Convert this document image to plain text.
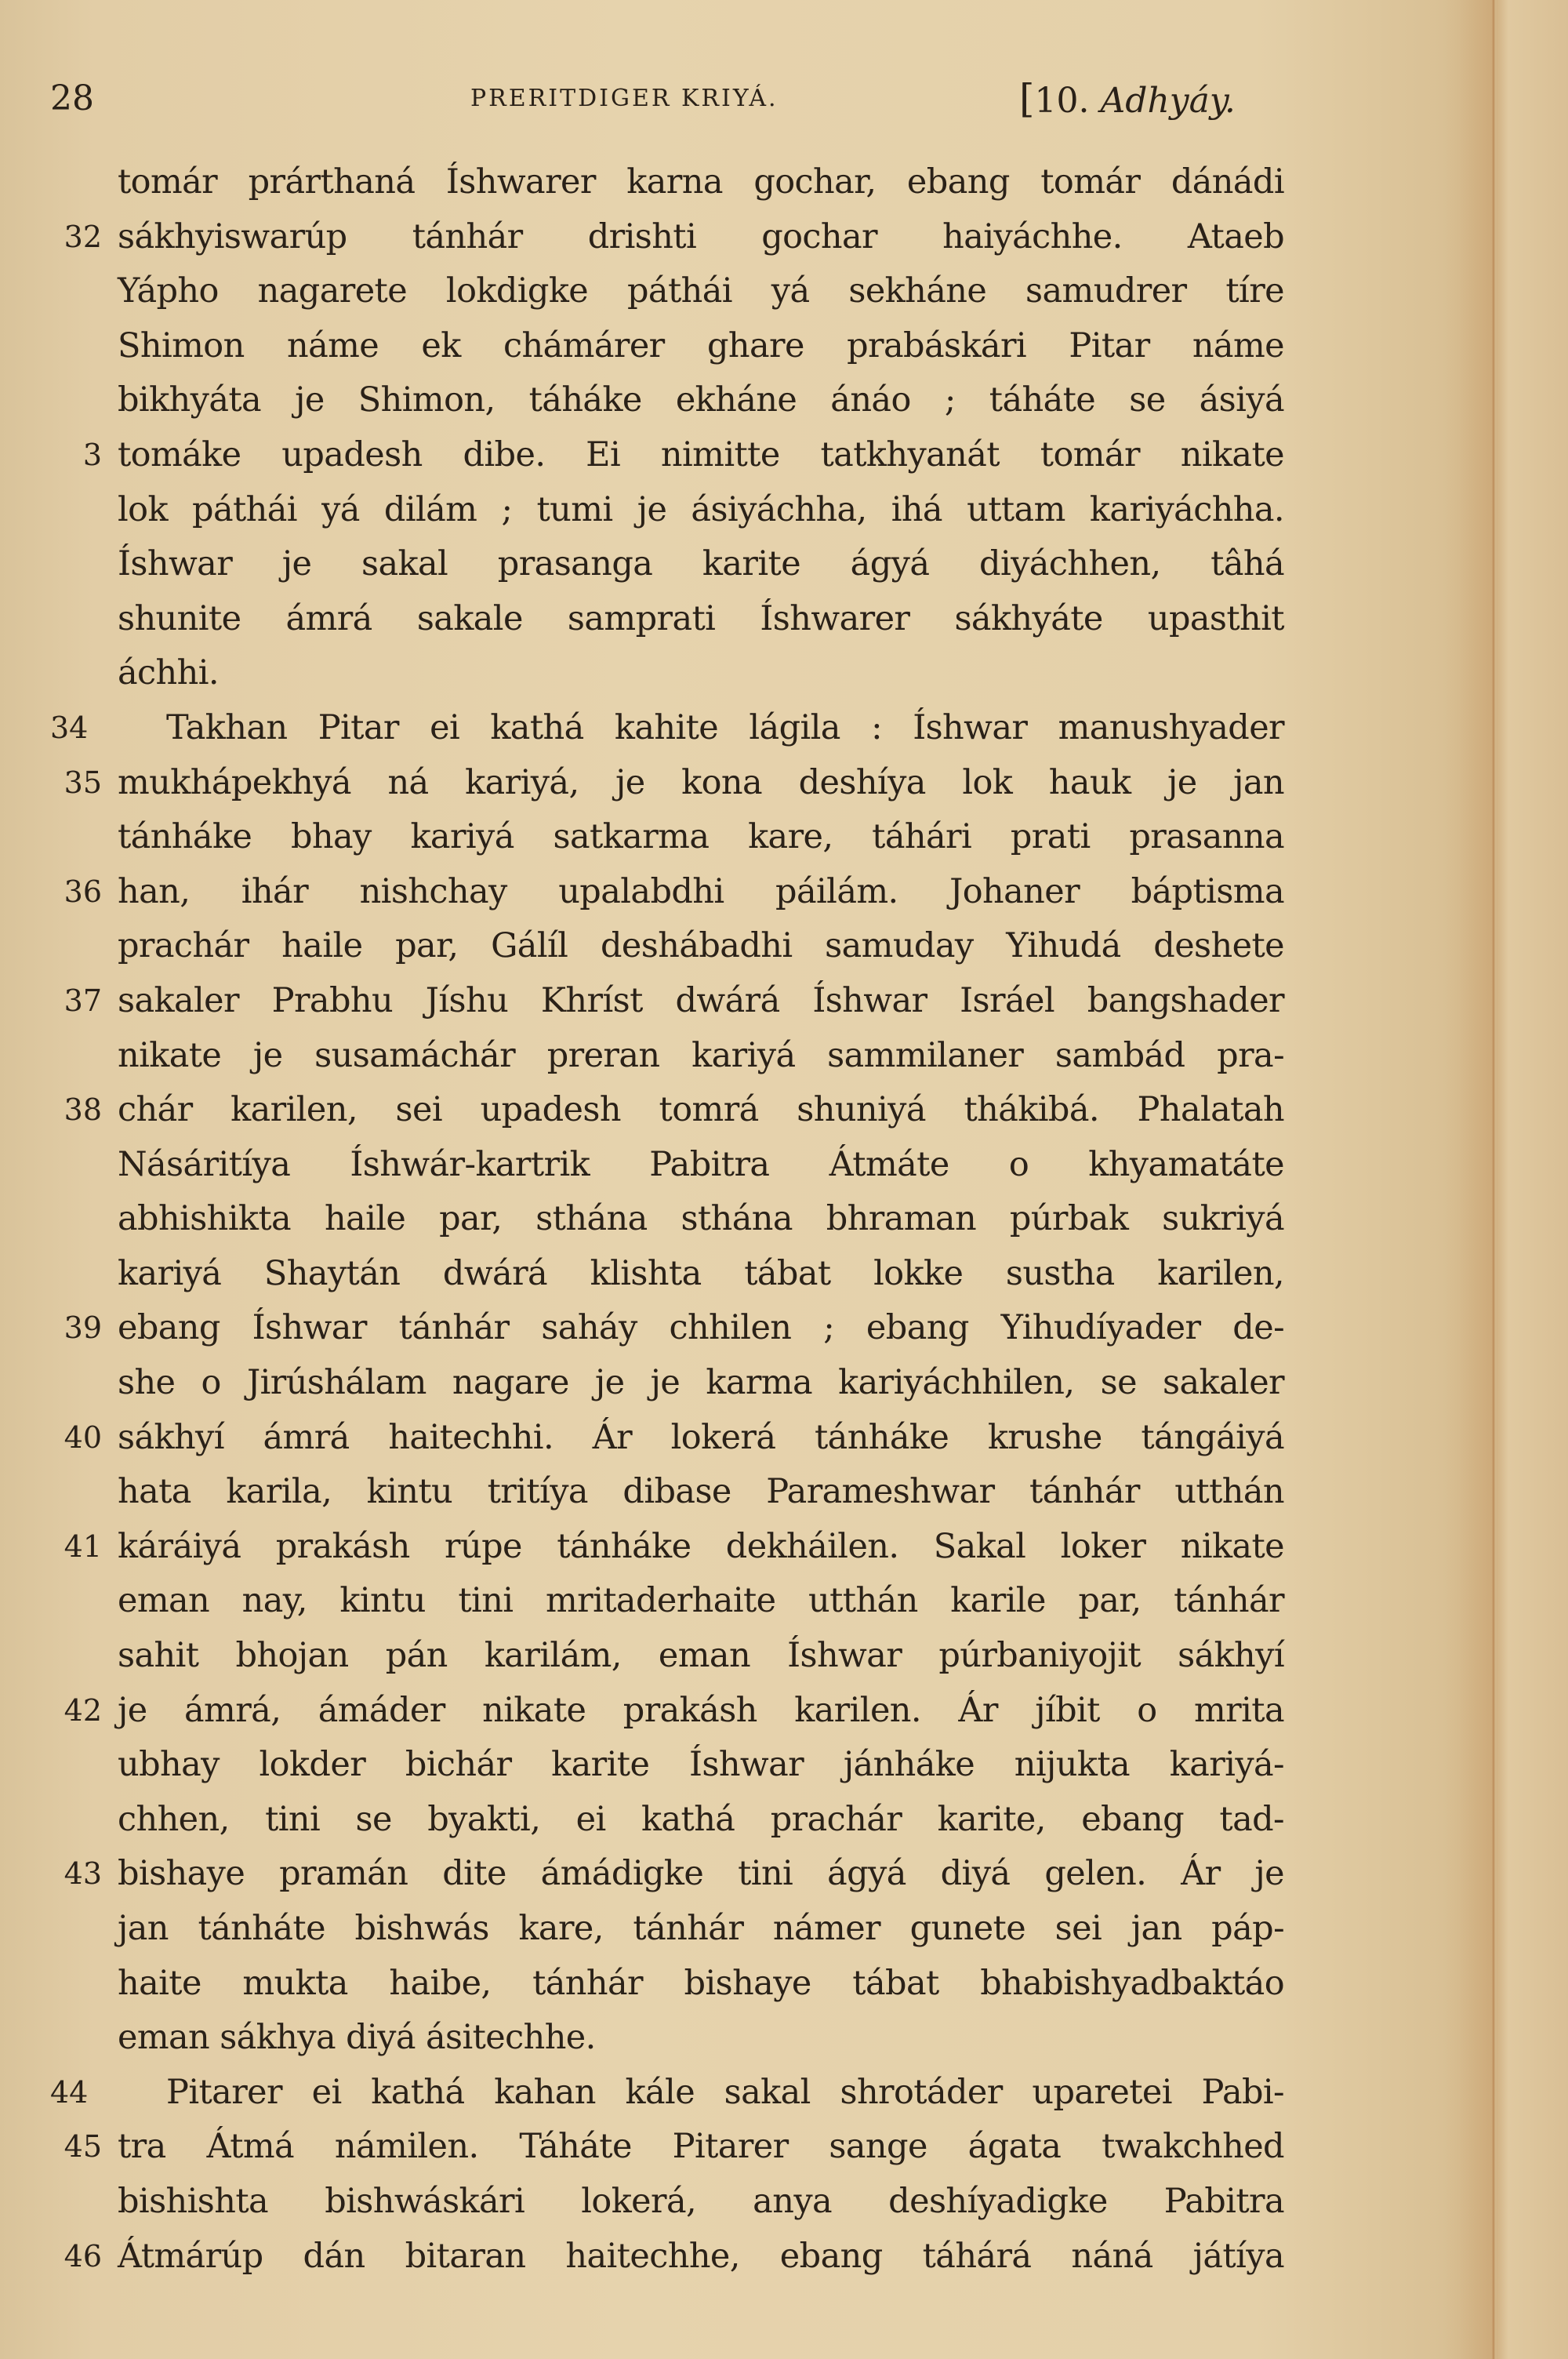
28	PRERITDIGER KRIYÁ.	[10. Adhyáy.
tomár prárthaná Íshwarer karna gochar, ebang tomár dánádi
32 sákhyiswarúp tánhár drishti gochar haiyáchhe. Ataeb
Yápho nagarete lokdigke páthái yá sekháne samudrer tíre
Shimon náme ek chámárer ghare prabáskári Pitar náme
bikhyáta je Shimon, táháke ekháne ánáo ; táháte se ásiyá
3 tomáke upadesh dibe. Ei nimitte tatkhyanát tomár nikate
lok páthái yá dilám ; tumi je ásiyáchha, ihá uttam kariyáchha.
Íshwar je sakal prasanga karite ágyá diyáchhen, tâhá
shunite ámrá sakale samprati Íshwarer sákhyáte upasthit
áchhi.
34	Takhan Pitar ei kathá kahite lágila : Íshwar manushyader
35 mukhápekhyá ná kariyá, je kona deshíya lok hauk je jan
tánháke bhay kariyá satkarma kare, táhári prati prasanna
36 han, ihár nishchay upalabdhi páilám. Johaner báptisma
prachár haile par, Gálíl deshábadhi samuday Yihudá deshete
37 sakaler Prabhu Jíshu Khríst dwárá Íshwar Isráel bangshader
nikate je susamáchár preran kariyá sammilaner sambád pra-
38 chár karilen, sei upadesh tomrá shuniyá thákibá. Phalatah
Násáritíya Íshwár-kartrik Pabitra Átmáte o khyamatáte
abhishikta haile par, sthána sthána bhraman púrbak sukriyá
kariyá Shaytán dwárá klishta tábat lokke sustha karilen,
39 ebang Íshwar tánhár saháy chhilen ; ebang Yihudíyader de-
she o Jirúshálam nagare je je karma kariyáchhilen, se sakaler
40 sákhyí ámrá haitechhi. Ár lokerá tánháke krushe tángáiyá
hata karila, kintu tritíya dibase Parameshwar tánhár utthán
41 káráiyá prakásh rúpe tánháke dekháilen. Sakal loker nikate
eman nay, kintu tini mritaderhaite utthán karile par, tánhár
sahit bhojan pán karilám, eman Íshwar púrbaniyojit sákhyí
42 je ámrá, ámáder nikate prakásh karilen. Ár jíbit o mrita
ubhay lokder bichár karite Íshwar jánháke nijukta kariyá-
chhen, tini se byakti, ei kathá prachár karite, ebang tad-
43 bishaye pramán dite ámádigke tini ágyá diyá gelen. Ár je
jan tánháte bishwás kare, tánhár námer gunete sei jan páp-
haite mukta haibe, tánhár bishaye tábat bhabishyadbaktáo
eman sákhya diyá ásitechhe.
44	Pitarer ei kathá kahan kále sakal shrotáder uparetei Pabi-
45 tra Átmá námilen. Táháte Pitarer sange ágata twakchhed
bishishta bishwáskári lokerá, anya deshíyadigke Pabitra
46 Átmárúp dán bitaran haitechhe, ebang táhárá náná játíya
